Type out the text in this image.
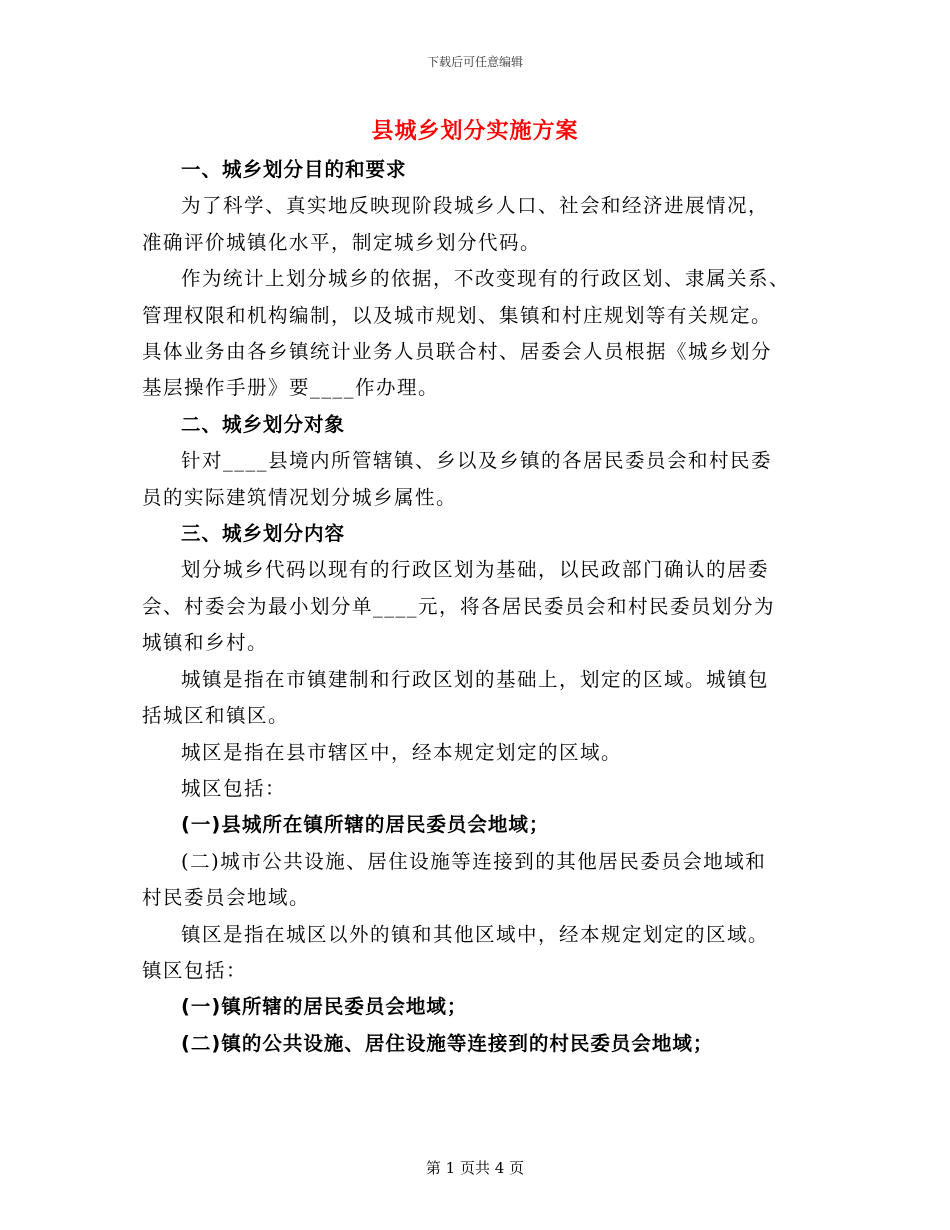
下载后可任意编辑
县城乡划分实施方案
一、城乡划分目的和要求

为了科学、真实地反映现阶段城乡人口、社会和经济进展情况，

准确评价城镇化水平，制定城乡划分代码。

作为统计上划分城乡的依据，不改变现有的行政区划、隶属关系、

管理权限和机构编制，以及城市规划、集镇和村庄规划等有关规定。

具体业务由各乡镇统计业务人员联合村、居委会人员根据《城乡划分

基层操作手册》要____作办理。

二、城乡划分对象

针对____县境内所管辖镇、乡以及乡镇的各居民委员会和村民委

员的实际建筑情况划分城乡属性。

三、城乡划分内容

划分城乡代码以现有的行政区划为基础，以民政部门确认的居委

会、村委会为最小划分单____元，将各居民委员会和村民委员划分为

城镇和乡村。

城镇是指在市镇建制和行政区划的基础上，划定的区域。城镇包

括城区和镇区。

城区是指在县市辖区中，经本规定划定的区域。

城区包括：

(一)县城所在镇所辖的居民委员会地域；

(二)城市公共设施、居住设施等连接到的其他居民委员会地域和

村民委员会地域。

镇区是指在城区以外的镇和其他区域中，经本规定划定的区域。

镇区包括：

(一)镇所辖的居民委员会地域；

(二)镇的公共设施、居住设施等连接到的村民委员会地域；

第 1 页共 4 页
